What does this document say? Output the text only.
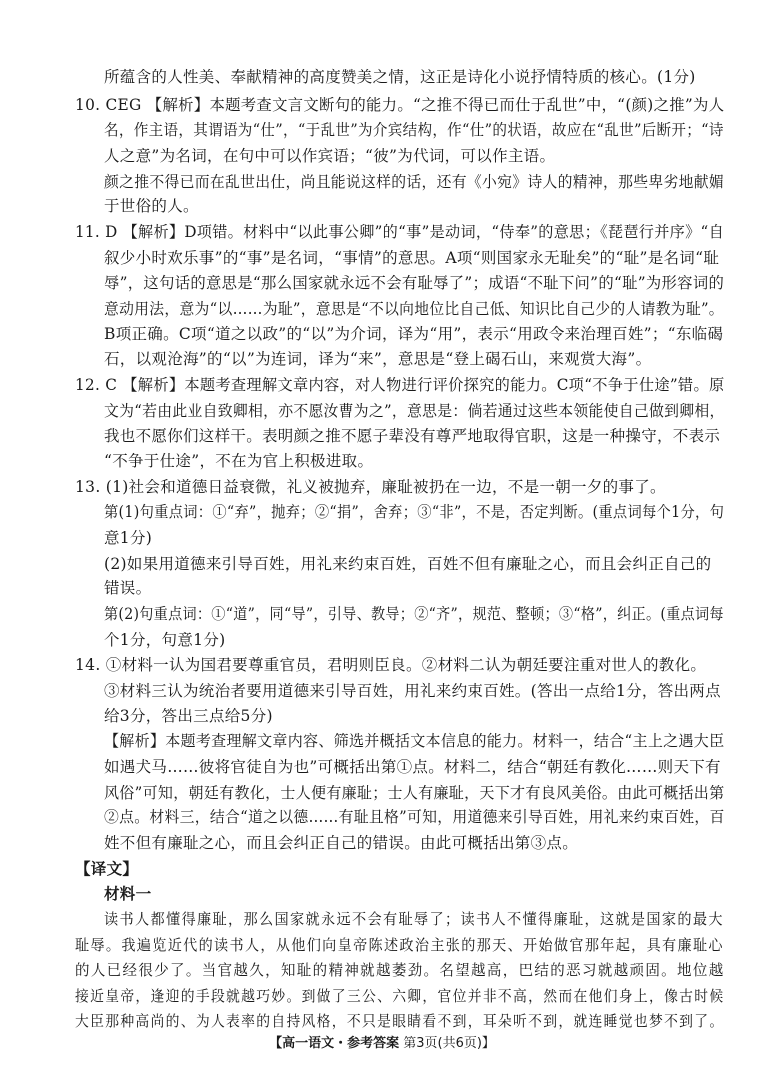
所蕴含的人性美、奉献精神的高度赞美之情，这正是诗化小说抒情特质的核心。(1分)
10. CEG 【解析】本题考查文言文断句的能力。“之推不得已而仕于乱世”中，“(颜)之推”为人
名，作主语，其谓语为“仕”，“于乱世”为介宾结构，作“仕”的状语，故应在“乱世”后断开；“诗
人之意”为名词，在句中可以作宾语；“彼”为代词，可以作主语。
颜之推不得已而在乱世出仕，尚且能说这样的话，还有《小宛》诗人的精神，那些卑劣地献媚
于世俗的人。
11. D 【解析】D项错。材料中“以此事公卿”的“事”是动词，“侍奉”的意思；《琵琶行并序》“自
叙少小时欢乐事”的“事”是名词，“事情”的意思。A项“则国家永无耻矣”的“耻”是名词“耻
辱”，这句话的意思是“那么国家就永远不会有耻辱了”；成语“不耻下问”的“耻”为形容词的
意动用法，意为“以……为耻”，意思是“不以向地位比自己低、知识比自己少的人请教为耻”。
B项正确。C项“道之以政”的“以”为介词，译为“用”，表示“用政令来治理百姓”；“东临碣
石，以观沧海”的“以”为连词，译为“来”，意思是“登上碣石山，来观赏大海”。
12. C 【解析】本题考查理解文章内容，对人物进行评价探究的能力。C项“不争于仕途”错。原
文为“若由此业自致卿相，亦不愿汝曹为之”，意思是：倘若通过这些本领能使自己做到卿相，
我也不愿你们这样干。表明颜之推不愿子辈没有尊严地取得官职，这是一种操守，不表示
“不争于仕途”，不在为官上积极进取。
13. (1)社会和道德日益衰微，礼义被抛弃，廉耻被扔在一边，不是一朝一夕的事了。
第(1)句重点词：①“弃”，抛弃；②“捐”，舍弃；③“非”，不是，否定判断。(重点词每个1分，句
意1分)
(2)如果用道德来引导百姓，用礼来约束百姓，百姓不但有廉耻之心，而且会纠正自己的
错误。
第(2)句重点词：①“道”，同“导”，引导、教导；②“齐”，规范、整顿；③“格”，纠正。(重点词每
个1分，句意1分)
14. ①材料一认为国君要尊重官员，君明则臣良。②材料二认为朝廷要注重对世人的教化。
③材料三认为统治者要用道德来引导百姓，用礼来约束百姓。(答出一点给1分，答出两点
给3分，答出三点给5分)
【解析】本题考查理解文章内容、筛选并概括文本信息的能力。材料一，结合“主上之遇大臣
如遇犬马……彼将官徒自为也”可概括出第①点。材料二，结合“朝廷有教化……则天下有
风俗”可知，朝廷有教化，士人便有廉耻；士人有廉耻，天下才有良风美俗。由此可概括出第
②点。材料三，结合“道之以德……有耻且格”可知，用道德来引导百姓，用礼来约束百姓，百
姓不但有廉耻之心，而且会纠正自己的错误。由此可概括出第③点。
【译文】
材料一
读书人都懂得廉耻，那么国家就永远不会有耻辱了；读书人不懂得廉耻，这就是国家的最大
耻辱。我遍览近代的读书人，从他们向皇帝陈述政治主张的那天、开始做官那年起，具有廉耻心
的人已经很少了。当官越久，知耻的精神就越萎劲。名望越高，巴结的恶习就越顽固。地位越
接近皇帝，逢迎的手段就越巧妙。到做了三公、六卿，官位并非不高，然而在他们身上，像古时候
大臣那种高尚的、为人表率的自持风格，不只是眼睛看不到，耳朵听不到，就连睡觉也梦不到了。
【高一语文・参考答案 第3页(共6页)】
